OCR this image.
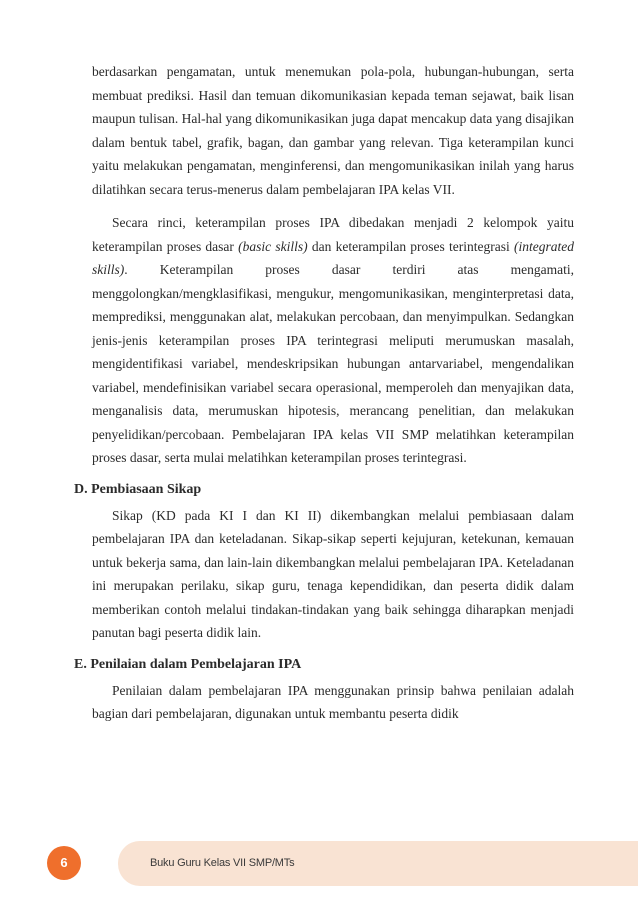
berdasarkan pengamatan, untuk menemukan pola-pola, hubungan-hubungan, serta membuat prediksi. Hasil dan temuan dikomunikasian kepada teman sejawat, baik lisan maupun tulisan. Hal-hal yang dikomunikasikan juga dapat mencakup data yang disajikan dalam bentuk tabel, grafik, bagan, dan gambar yang relevan. Tiga keterampilan kunci yaitu melakukan pengamatan, menginferensi, dan mengomunikasikan inilah yang harus dilatihkan secara terus-menerus dalam pembelajaran IPA kelas VII.

Secara rinci, keterampilan proses IPA dibedakan menjadi 2 kelompok yaitu keterampilan proses dasar (basic skills) dan keterampilan proses terintegrasi (integrated skills). Keterampilan proses dasar terdiri atas mengamati, menggolongkan/mengklasifikasi, mengukur, mengomunikasikan, menginterpretasi data, memprediksi, menggunakan alat, melakukan percobaan, dan menyimpulkan. Sedangkan jenis-jenis keterampilan proses IPA terintegrasi meliputi merumuskan masalah, mengidentifikasi variabel, mendeskripsikan hubungan antarvariabel, mengendalikan variabel, mendefinisikan variabel secara operasional, memperoleh dan menyajikan data, menganalisis data, merumuskan hipotesis, merancang penelitian, dan melakukan penyelidikan/percobaan. Pembelajaran IPA kelas VII SMP melatihkan keterampilan proses dasar, serta mulai melatihkan keterampilan proses terintegrasi.

D. Pembiasaan Sikap

Sikap (KD pada KI I dan KI II) dikembangkan melalui pembiasaan dalam pembelajaran IPA dan keteladanan. Sikap-sikap seperti kejujuran, ketekunan, kemauan untuk bekerja sama, dan lain-lain dikembangkan melalui pembelajaran IPA. Keteladanan ini merupakan perilaku, sikap guru, tenaga kependidikan, dan peserta didik dalam memberikan contoh melalui tindakan-tindakan yang baik sehingga diharapkan menjadi panutan bagi peserta didik lain.

E. Penilaian dalam Pembelajaran IPA

Penilaian dalam pembelajaran IPA menggunakan prinsip bahwa penilaian adalah bagian dari pembelajaran, digunakan untuk membantu peserta didik

6	Buku Guru Kelas VII SMP/MTs
